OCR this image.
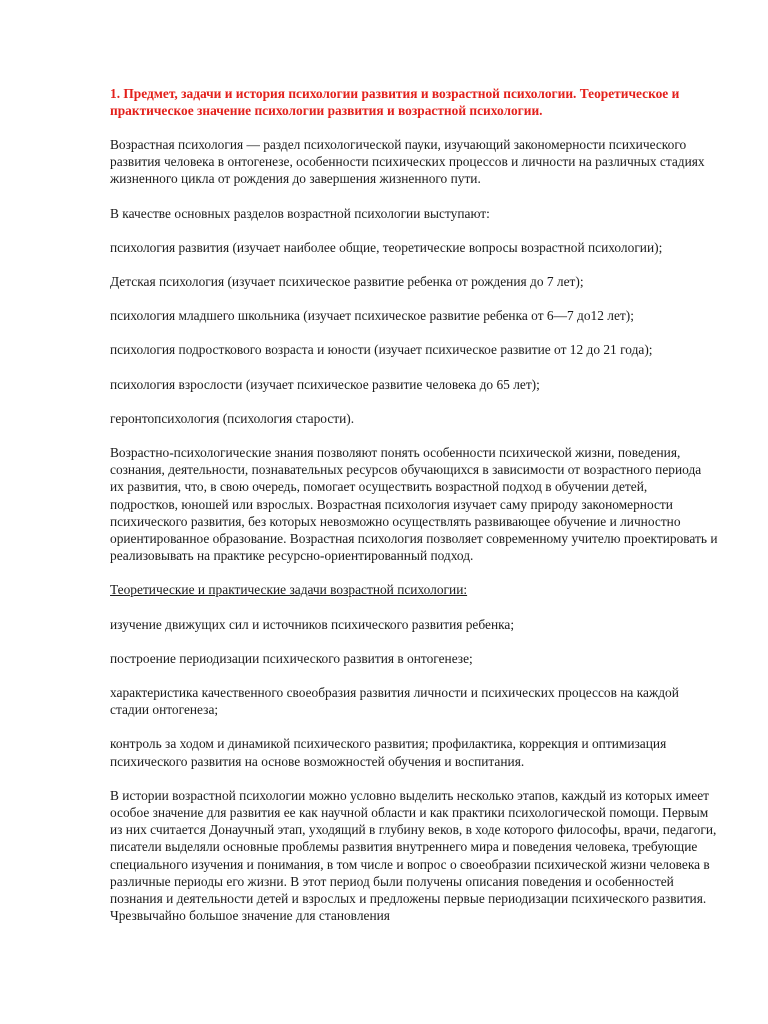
1. Предмет, задачи и история психологии развития и возрастной психологии. Теоретическое и практическое значение психологии развития и возрастной психологии.

Возрастная психология — раздел психологической пауки, изучающий закономерности психического развития человека в онтогенезе, особенности психических процессов и личности на различных стадиях жизненного цикла от рождения до завершения жизненного пути.

В качестве основных разделов возрастной психологии выступают:

психология развития (изучает наиболее общие, теоретические вопросы возрастной психологии);

Детская психология (изучает психическое развитие ребенка от рождения до 7 лет);

психология младшего школьника (изучает психическое развитие ребенка от 6—7 до12 лет);

психология подросткового возраста и юности (изучает психическое развитие от 12 до 21 года);

психология взрослости (изучает психическое развитие человека до 65 лет);

геронтопсихология (психология старости).

Возрастно-психологические знания позволяют понять особенности психической жизни, поведения, сознания, деятельности, познавательных ресурсов обучающихся в зависимости от возрастного периода их развития, что, в свою очередь, помогает осуществить возрастной подход в обучении детей, подростков, юношей или взрослых. Возрастная психология изучает саму природу закономерности психического развития, без которых невозможно осуществлять развивающее обучение и личностно ориентированное образование. Возрастная психология позволяет современному учителю проектировать и реализовывать на практике ресурсно-ориентированный подход.

Теоретические и практические задачи возрастной психологии:

изучение движущих сил и источников психического развития ребенка;

построение периодизации психического развития в онтогенезе;

характеристика качественного своеобразия развития личности и психических процессов на каждой стадии онтогенеза;

контроль за ходом и динамикой психического развития; профилактика, коррекция и оптимизация психического развития на основе возможностей обучения и воспитания.

В истории возрастной психологии можно условно выделить несколько этапов, каждый из которых имеет особое значение для развития ее как научной области и как практики психологической помощи. Первым из них считается Донаучный этап, уходящий в глубину веков, в ходе которого философы, врачи, педагоги, писатели выделяли основные проблемы развития внутреннего мира и поведения человека, требующие специального изучения и понимания, в том числе и вопрос о своеобразии психической жизни человека в различные периоды его жизни. В этот период были получены описания поведения и особенностей познания и деятельности детей и взрослых и предложены первые периодизации психического развития. Чрезвычайно большое значение для становления
